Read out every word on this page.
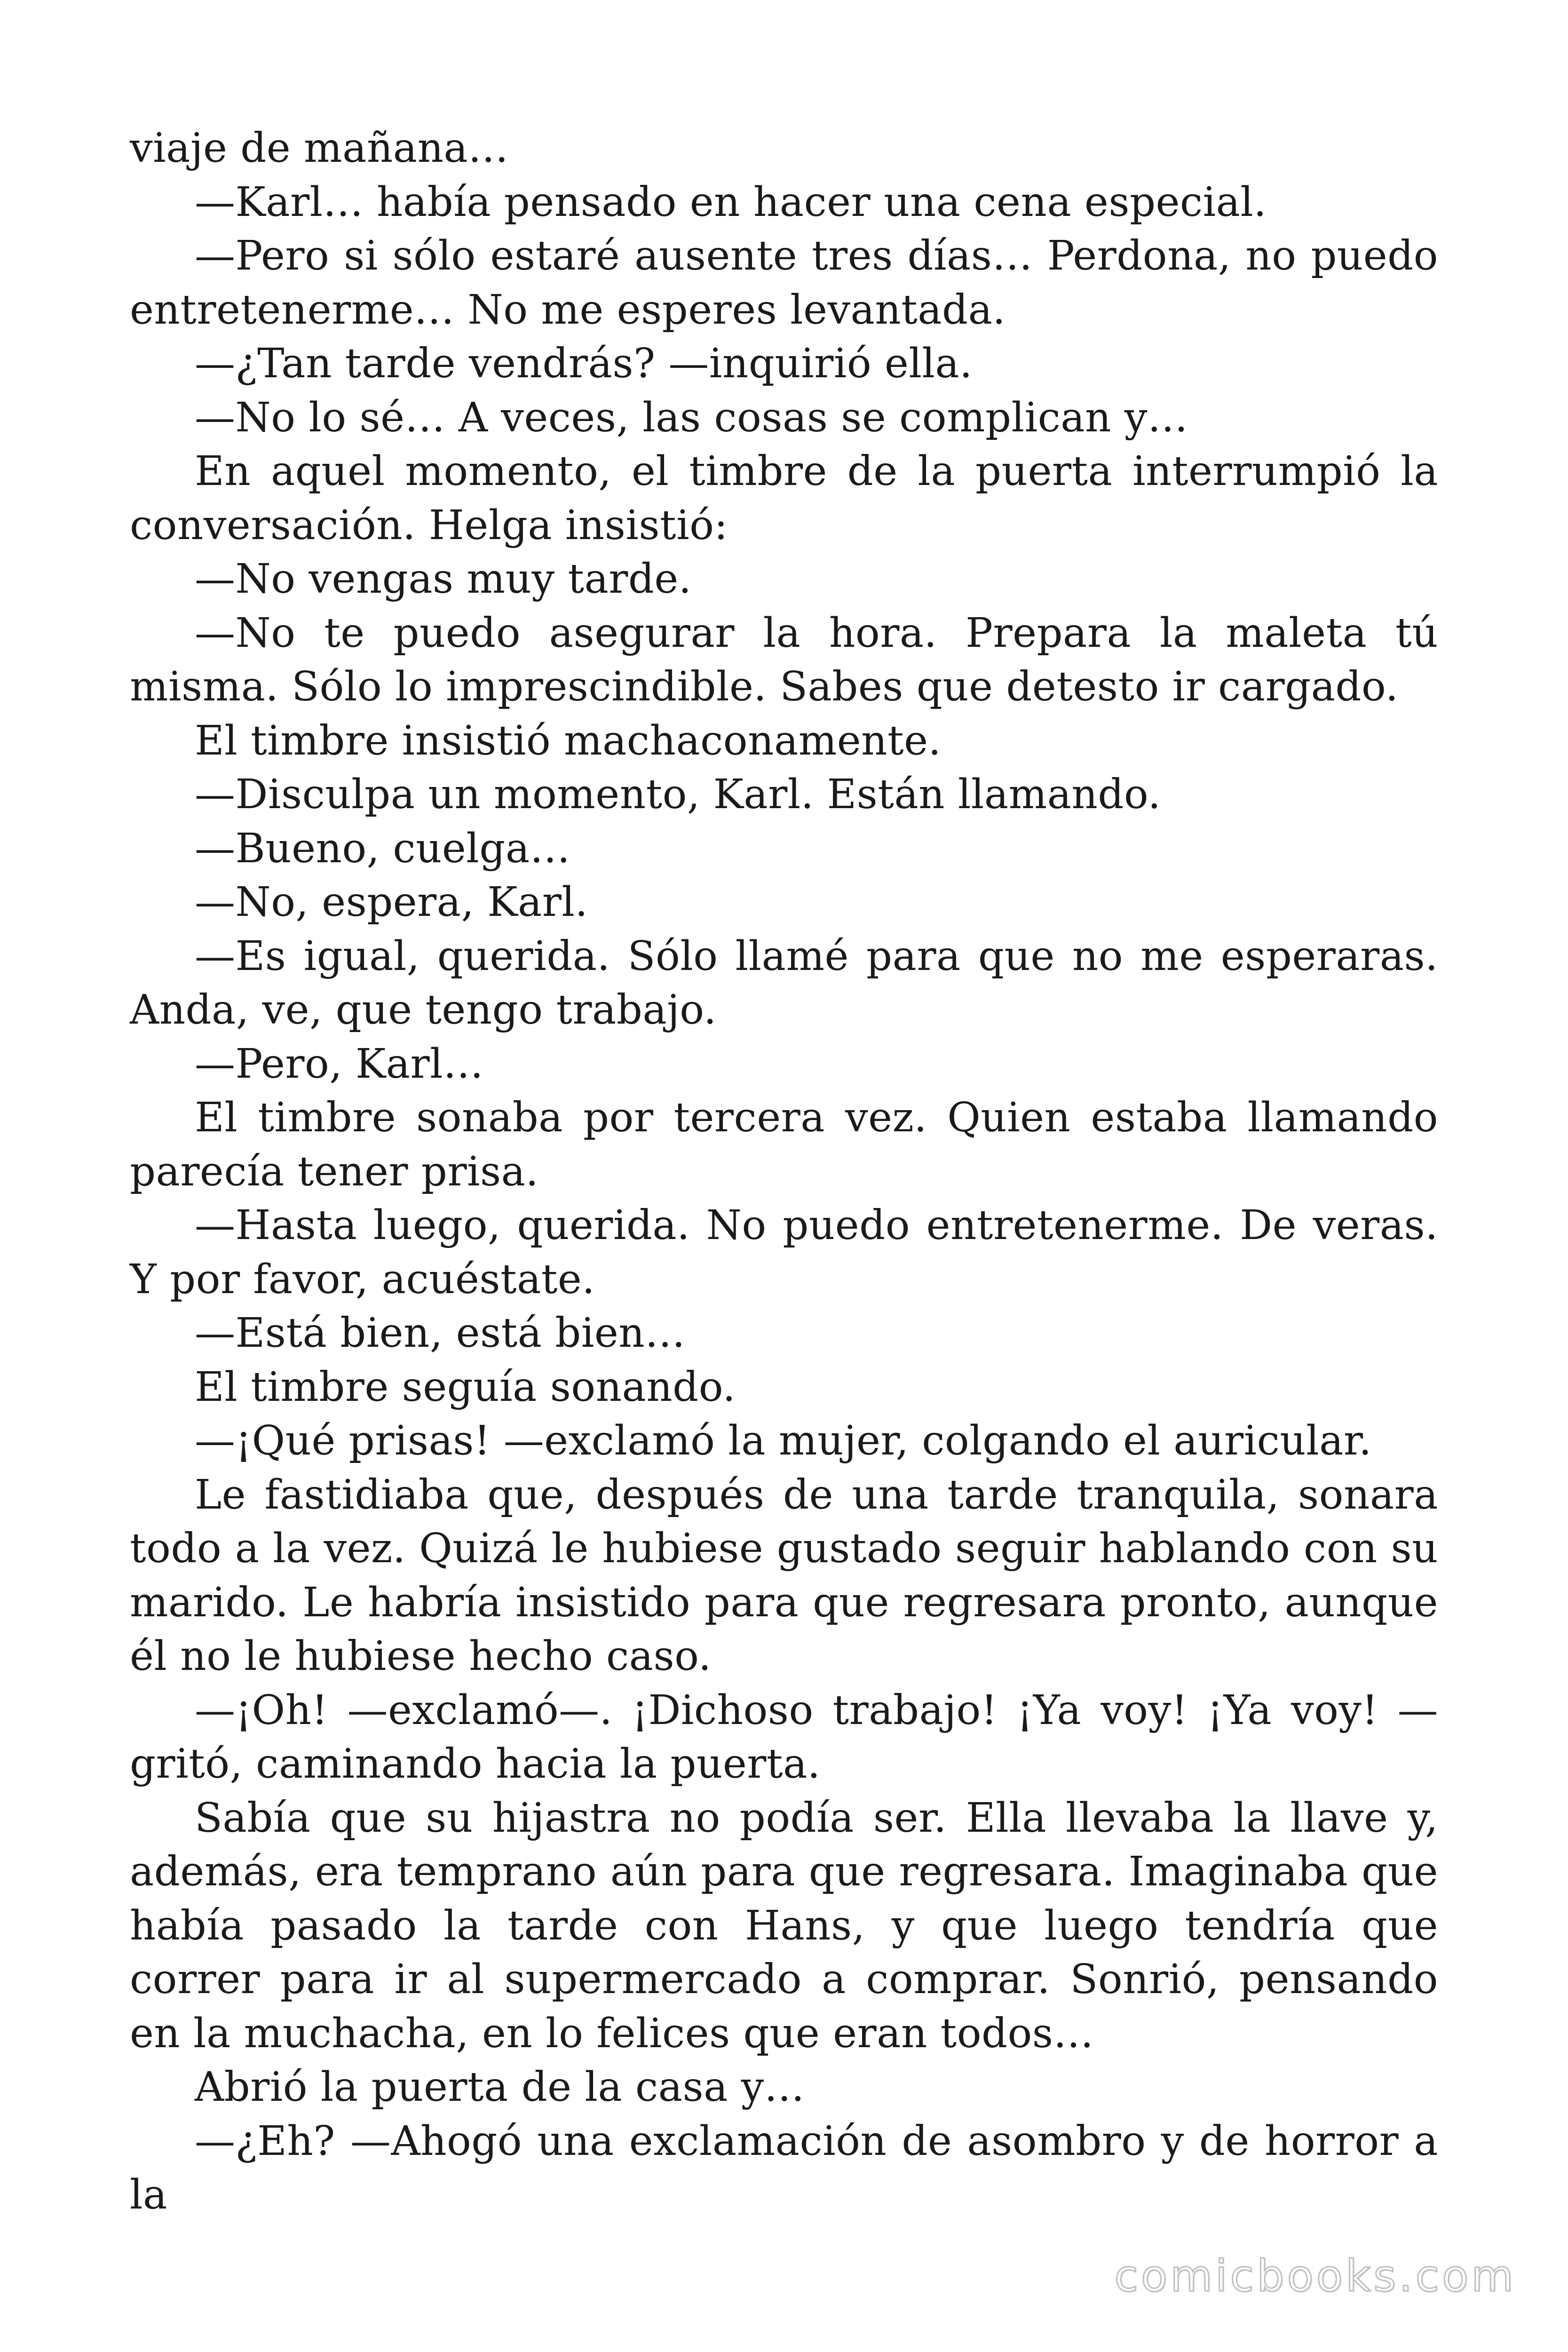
viaje de mañana…

—Karl… había pensado en hacer una cena especial.

—Pero si sólo estaré ausente tres días… Perdona, no puedo entretenerme… No me esperes levantada.

—¿Tan tarde vendrás? —inquirió ella.

—No lo sé… A veces, las cosas se complican y…

En aquel momento, el timbre de la puerta interrumpió la conversación. Helga insistió:

—No vengas muy tarde.

—No te puedo asegurar la hora. Prepara la maleta tú misma. Sólo lo imprescindible. Sabes que detesto ir cargado.

El timbre insistió machaconamente.

—Disculpa un momento, Karl. Están llamando.

—Bueno, cuelga…

—No, espera, Karl.

—Es igual, querida. Sólo llamé para que no me esperaras. Anda, ve, que tengo trabajo.

—Pero, Karl…

El timbre sonaba por tercera vez. Quien estaba llamando parecía tener prisa.

—Hasta luego, querida. No puedo entretenerme. De veras. Y por favor, acuéstate.

—Está bien, está bien…

El timbre seguía sonando.

—¡Qué prisas! —exclamó la mujer, colgando el auricular.

Le fastidiaba que, después de una tarde tranquila, sonara todo a la vez. Quizá le hubiese gustado seguir hablando con su marido. Le habría insistido para que regresara pronto, aunque él no le hubiese hecho caso.

—¡Oh! —exclamó—. ¡Dichoso trabajo! ¡Ya voy! ¡Ya voy! —gritó, caminando hacia la puerta.

Sabía que su hijastra no podía ser. Ella llevaba la llave y, además, era temprano aún para que regresara. Imaginaba que había pasado la tarde con Hans, y que luego tendría que correr para ir al supermercado a comprar. Sonrió, pensando en la muchacha, en lo felices que eran todos…

Abrió la puerta de la casa y…

—¿Eh? —Ahogó una exclamación de asombro y de horror a la

comicbooks.com
